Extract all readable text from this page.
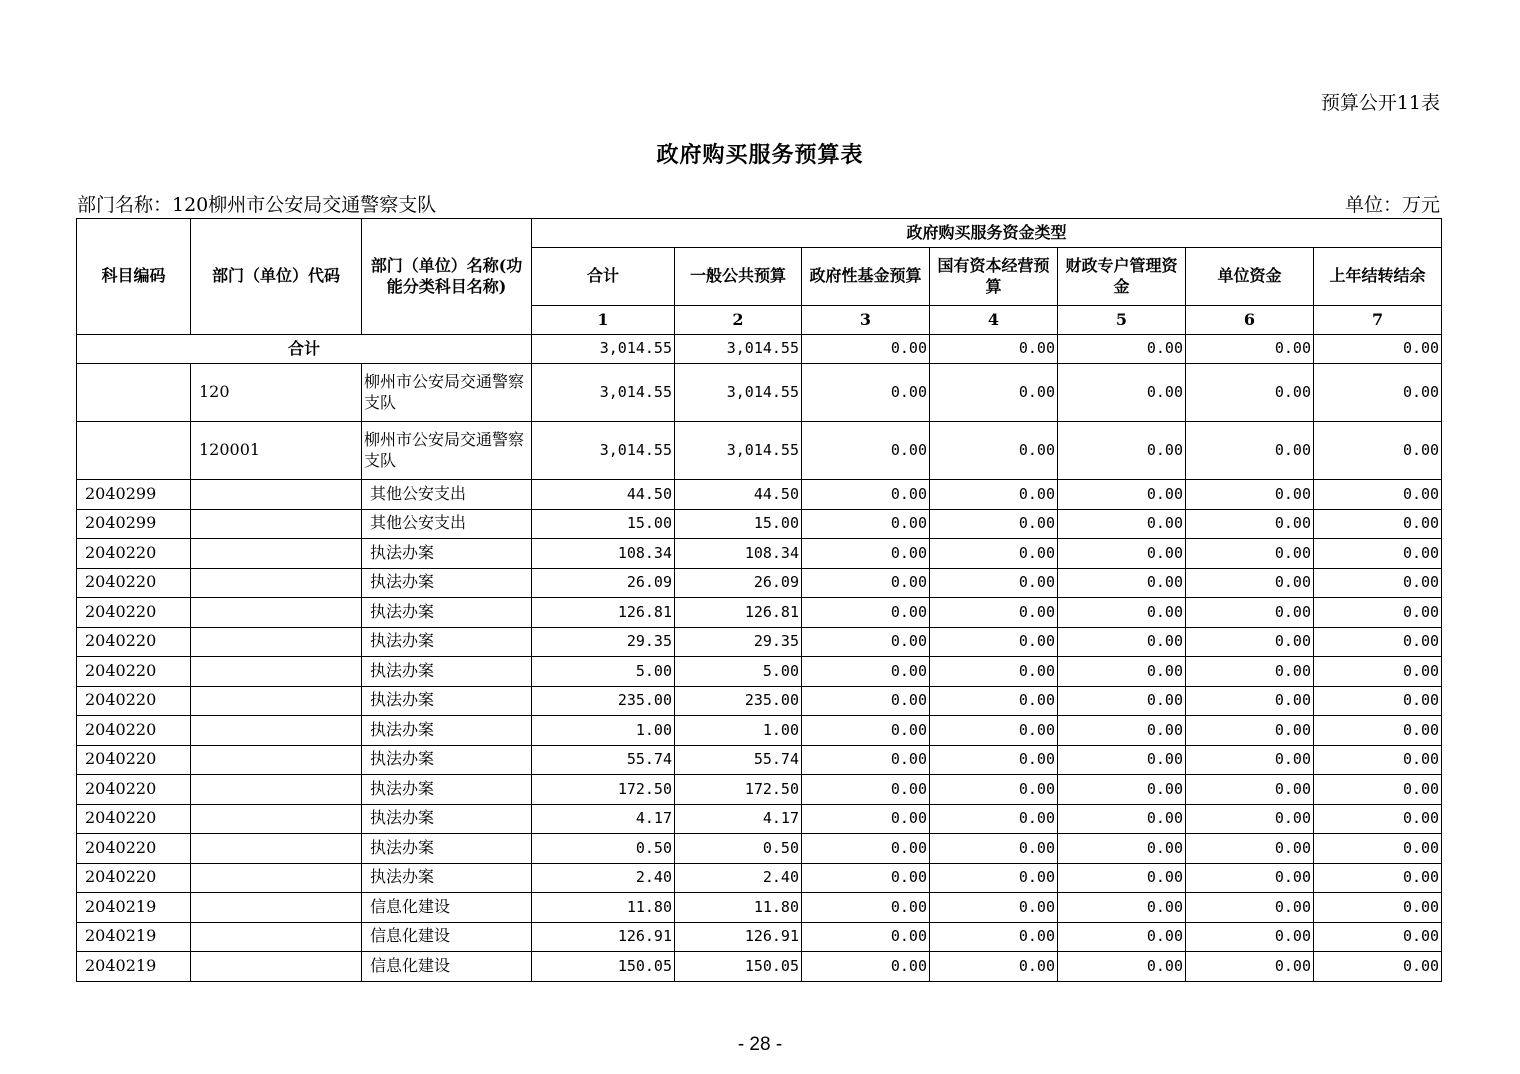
预算公开11表
政府购买服务预算表
部门名称：120柳州市公安局交通警察支队	单位：万元
科目编码	部门（单位）代码	部门（单位）名称(功能分类科目名称)	政府购买服务资金类型						
			合计	一般公共预算	政府性基金预算	国有资本经营预算	财政专户管理资金	单位资金	上年结转结余
			1	2	3	4	5	6	7
合计			3,014.55	3,014.55	0.00	0.00	0.00	0.00	0.00
	120	柳州市公安局交通警察支队	3,014.55	3,014.55	0.00	0.00	0.00	0.00	0.00
	120001	柳州市公安局交通警察支队	3,014.55	3,014.55	0.00	0.00	0.00	0.00	0.00
2040299		其他公安支出	44.50	44.50	0.00	0.00	0.00	0.00	0.00
2040299		其他公安支出	15.00	15.00	0.00	0.00	0.00	0.00	0.00
2040220		执法办案	108.34	108.34	0.00	0.00	0.00	0.00	0.00
2040220		执法办案	26.09	26.09	0.00	0.00	0.00	0.00	0.00
2040220		执法办案	126.81	126.81	0.00	0.00	0.00	0.00	0.00
2040220		执法办案	29.35	29.35	0.00	0.00	0.00	0.00	0.00
2040220		执法办案	5.00	5.00	0.00	0.00	0.00	0.00	0.00
2040220		执法办案	235.00	235.00	0.00	0.00	0.00	0.00	0.00
2040220		执法办案	1.00	1.00	0.00	0.00	0.00	0.00	0.00
2040220		执法办案	55.74	55.74	0.00	0.00	0.00	0.00	0.00
2040220		执法办案	172.50	172.50	0.00	0.00	0.00	0.00	0.00
2040220		执法办案	4.17	4.17	0.00	0.00	0.00	0.00	0.00
2040220		执法办案	0.50	0.50	0.00	0.00	0.00	0.00	0.00
2040220		执法办案	2.40	2.40	0.00	0.00	0.00	0.00	0.00
2040219		信息化建设	11.80	11.80	0.00	0.00	0.00	0.00	0.00
2040219		信息化建设	126.91	126.91	0.00	0.00	0.00	0.00	0.00
2040219		信息化建设	150.05	150.05	0.00	0.00	0.00	0.00	0.00
- 28 -
